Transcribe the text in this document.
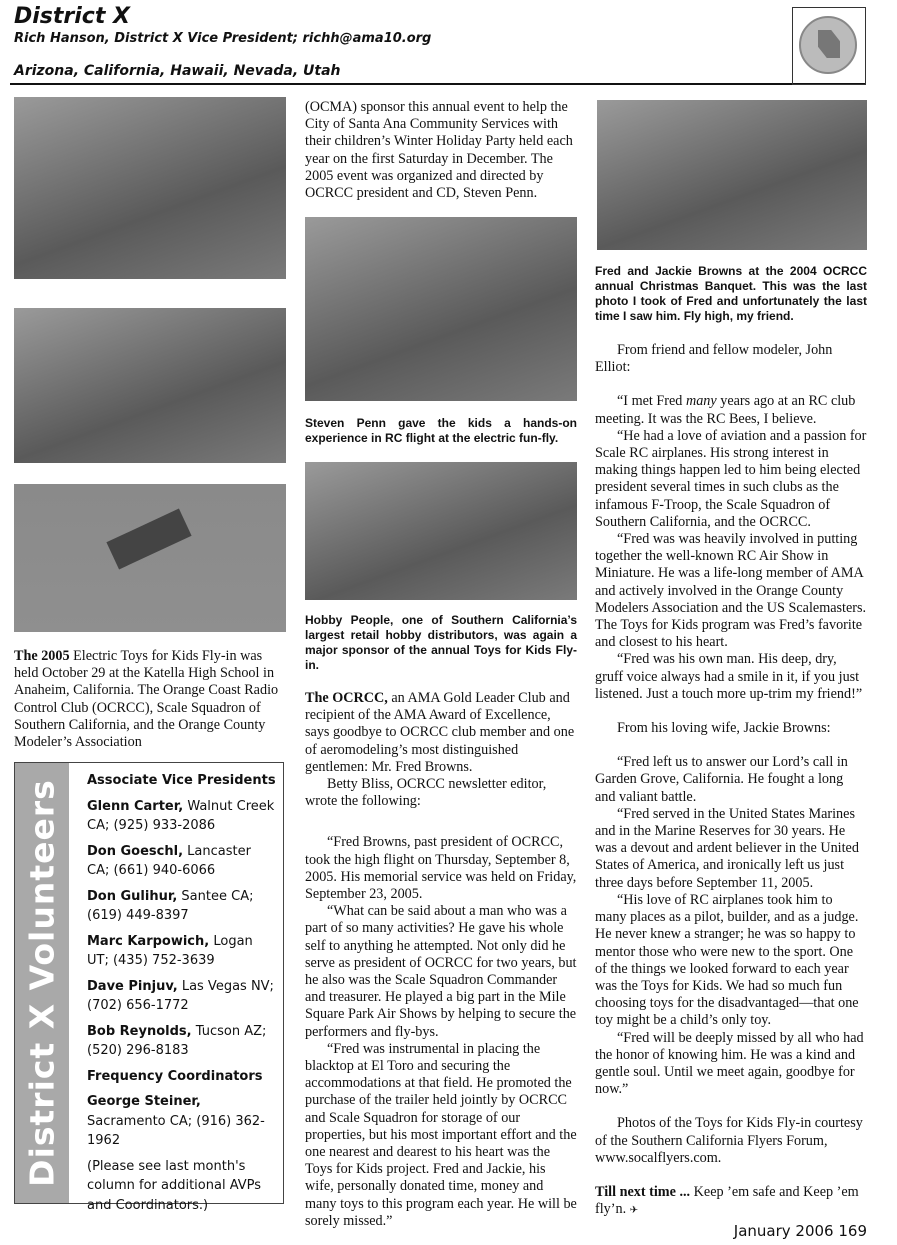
District X
Rich Hanson, District X Vice President; richh@ama10.org
Arizona, California, Hawaii, Nevada, Utah

The 2005 Electric Toys for Kids Fly-in was held October 29 at the Katella High School in Anaheim, California. The Orange Coast Radio Control Club (OCRCC), Scale Squadron of Southern California, and the Orange County Modeler’s Association

District X Volunteers Associate Vice Presidents
Glenn Carter, Walnut Creek CA; (925) 933-2086
Don Goeschl, Lancaster CA; (661) 940-6066
Don Gulihur, Santee CA; (619) 449-8397
Marc Karpowich, Logan UT; (435) 752-3639
Dave Pinjuv, Las Vegas NV; (702) 656-1772
Bob Reynolds, Tucson AZ; (520) 296-8183
Frequency Coordinators
George Steiner, Sacramento CA; (916) 362-1962
(Please see last month's column for additional AVPs and Coordinators.)

(OCMA) sponsor this annual event to help the City of Santa Ana Community Services with their children’s Winter Holiday Party held each year on the first Saturday in December. The 2005 event was organized and directed by OCRCC president and CD, Steven Penn.

Steven Penn gave the kids a hands-on experience in RC flight at the electric fun-fly.
Hobby People, one of Southern California’s largest retail hobby distributors, was again a major sponsor of the annual Toys for Kids Fly-in.

The OCRCC, an AMA Gold Leader Club and recipient of the AMA Award of Excellence, says goodbye to OCRCC club member and one of aeromodeling’s most distinguished gentlemen: Mr. Fred Browns.

Betty Bliss, OCRCC newsletter editor, wrote the following:

“Fred Browns, past president of OCRCC, took the high flight on Thursday, September 8, 2005. His memorial service was held on Friday, September 23, 2005.

“What can be said about a man who was a part of so many activities? He gave his whole self to anything he attempted. Not only did he serve as president of OCRCC for two years, but he also was the Scale Squadron Commander and treasurer. He played a big part in the Mile Square Park Air Shows by helping to secure the performers and fly-bys.

“Fred was instrumental in placing the blacktop at El Toro and securing the accommodations at that field. He promoted the purchase of the trailer held jointly by OCRCC and Scale Squadron for storage of our properties, but his most important effort and the one nearest and dearest to his heart was the Toys for Kids project. Fred and Jackie, his wife, personally donated time, money and many toys to this program each year. He will be sorely missed.”

Fred and Jackie Browns at the 2004 OCRCC annual Christmas Banquet. This was the last photo I took of Fred and unfortunately the last time I saw him. Fly high, my friend.

From friend and fellow modeler, John Elliot:

“I met Fred many years ago at an RC club meeting. It was the RC Bees, I believe.

“He had a love of aviation and a passion for Scale RC airplanes. His strong interest in making things happen led to him being elected president several times in such clubs as the infamous F-Troop, the Scale Squadron of Southern California, and the OCRCC.

“Fred was was heavily involved in putting together the well-known RC Air Show in Miniature. He was a life-long member of AMA and actively involved in the Orange County Modelers Association and the US Scalemasters. The Toys for Kids program was Fred’s favorite and closest to his heart.

“Fred was his own man. His deep, dry, gruff voice always had a smile in it, if you just listened. Just a touch more up-trim my friend!”

From his loving wife, Jackie Browns:

“Fred left us to answer our Lord’s call in Garden Grove, California. He fought a long and valiant battle.

“Fred served in the United States Marines and in the Marine Reserves for 30 years. He was a devout and ardent believer in the United States of America, and ironically left us just three days before September 11, 2005.

“His love of RC airplanes took him to many places as a pilot, builder, and as a judge. He never knew a stranger; he was so happy to mentor those who were new to the sport. One of the things we looked forward to each year was the Toys for Kids. We had so much fun choosing toys for the disadvantaged—that one toy might be a child’s only toy.

“Fred will be deeply missed by all who had the honor of knowing him. He was a kind and gentle soul. Until we meet again, goodbye for now.”

Photos of the Toys for Kids Fly-in courtesy of the Southern California Flyers Forum, www.socalflyers.com.

Till next time ... Keep ’em safe and Keep ’em fly’n. ✈

January 2006 169
